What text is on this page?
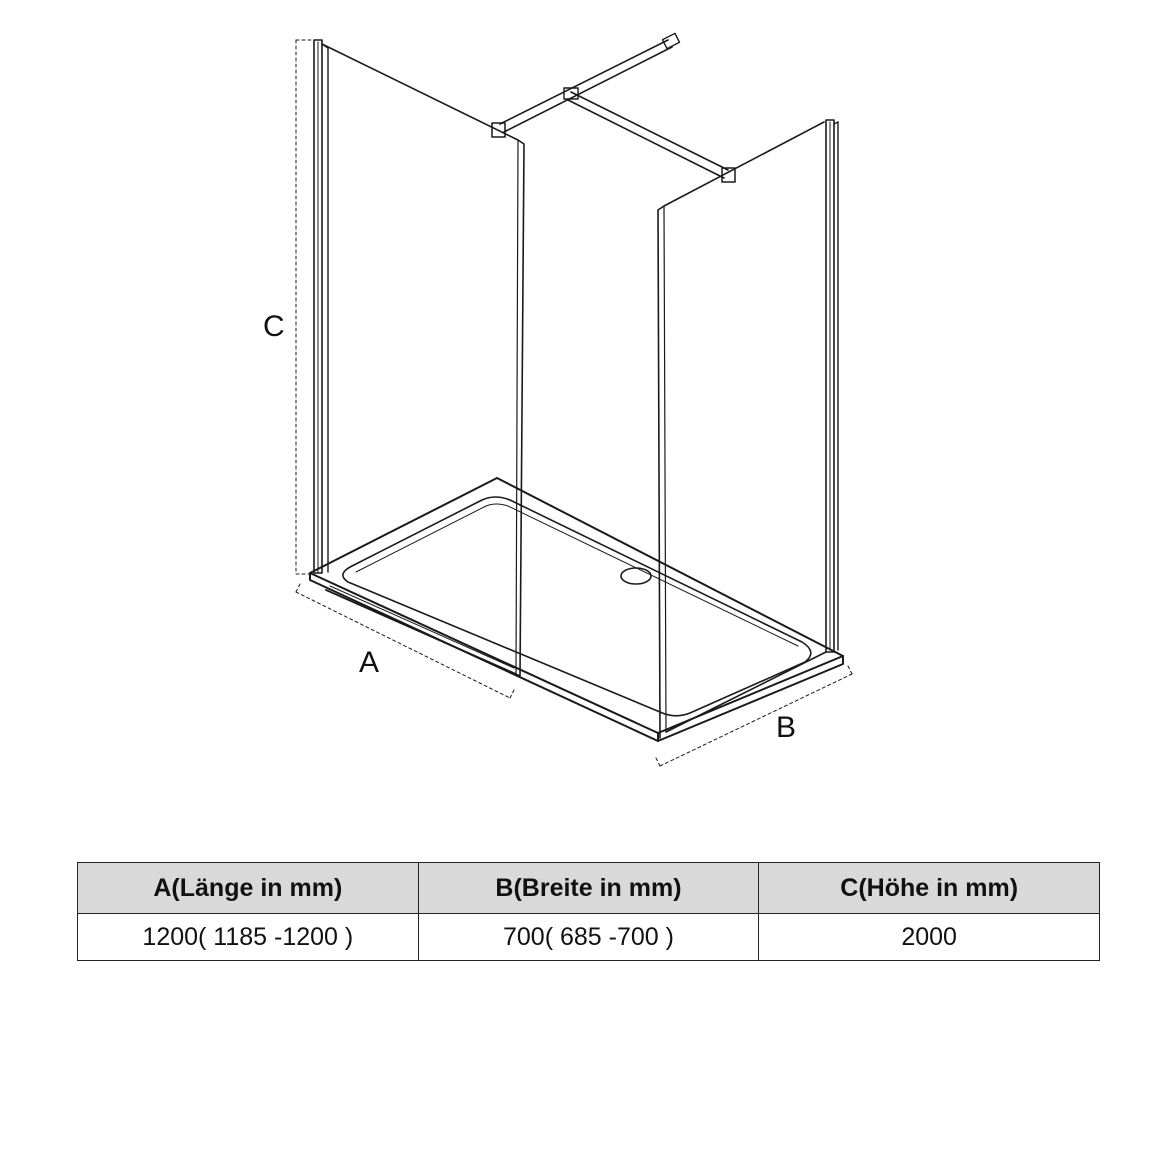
C
A
B
A(Länge in mm)	B(Breite in mm)	C(Höhe in mm)
1200( 1185 -1200 )	700( 685 -700 )	2000
